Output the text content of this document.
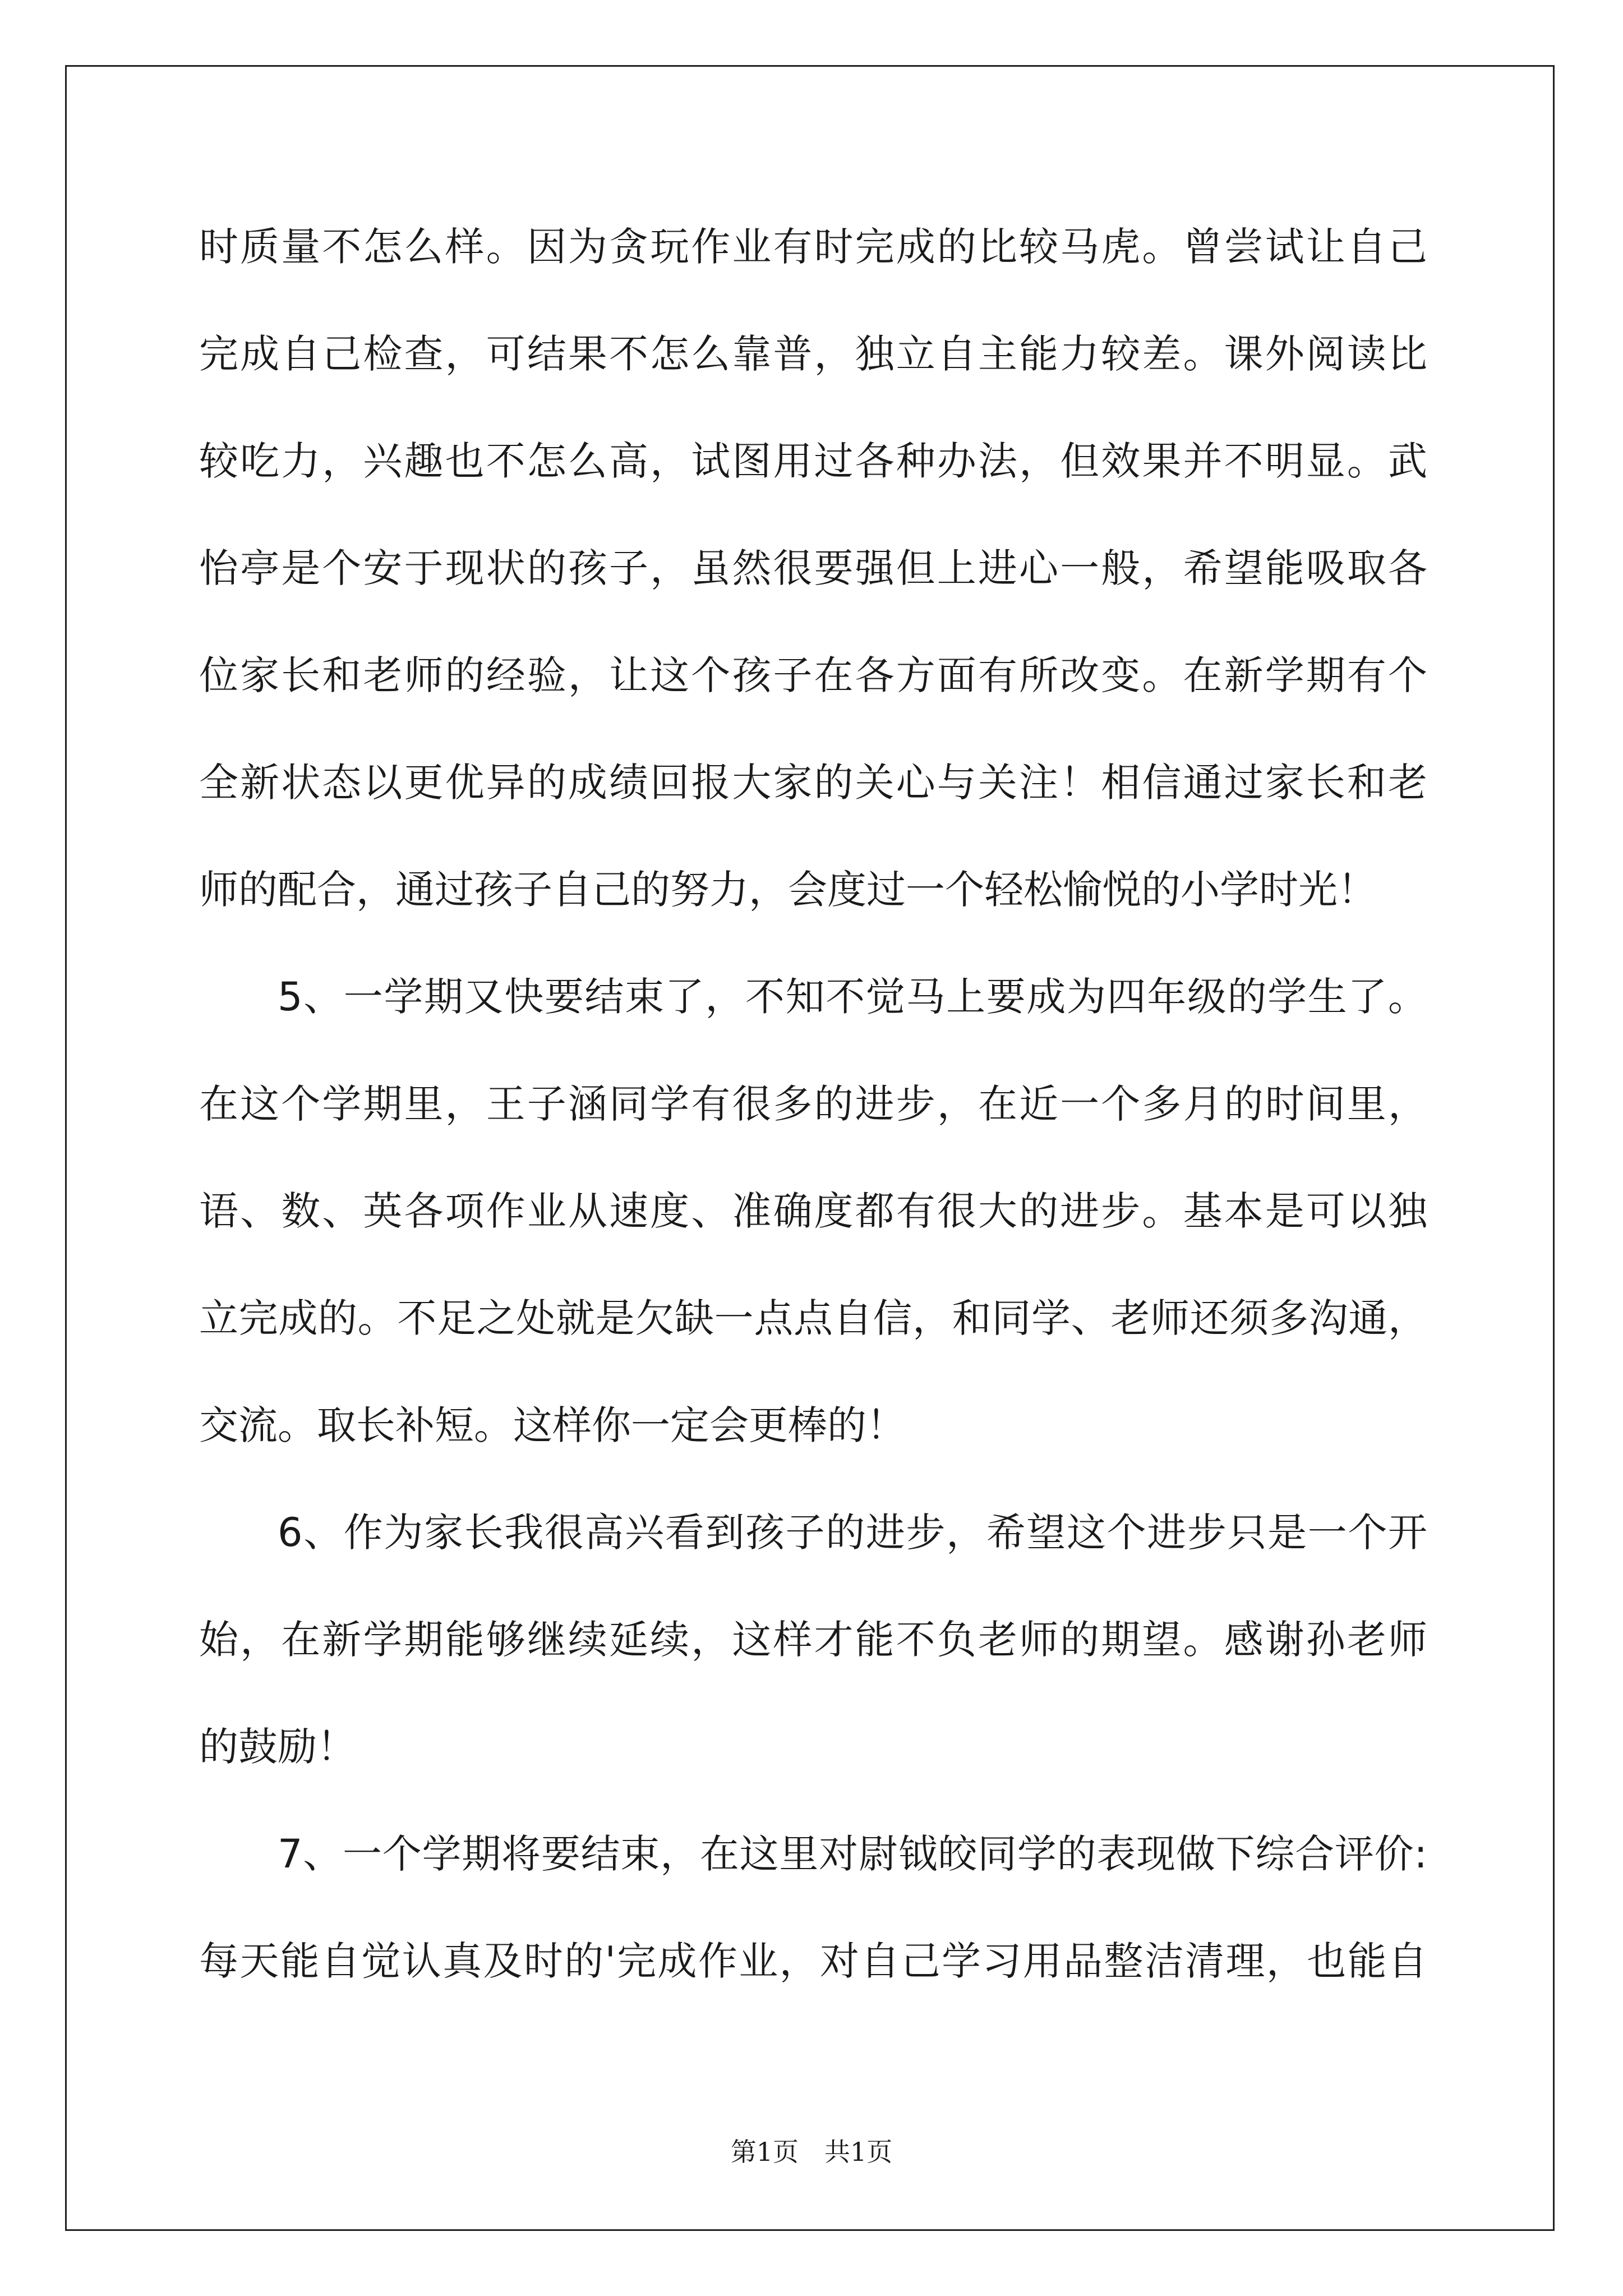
时质量不怎么样。因为贪玩作业有时完成的比较马虎。曾尝试让自己
完成自己检查，可结果不怎么靠普，独立自主能力较差。课外阅读比
较吃力，兴趣也不怎么高，试图用过各种办法，但效果并不明显。武
怡亭是个安于现状的孩子，虽然很要强但上进心一般，希望能吸取各
位家长和老师的经验，让这个孩子在各方面有所改变。在新学期有个
全新状态以更优异的成绩回报大家的关心与关注！相信通过家长和老
师的配合，通过孩子自己的努力，会度过一个轻松愉悦的小学时光！
5、一学期又快要结束了，不知不觉马上要成为四年级的学生了。
在这个学期里，王子涵同学有很多的进步，在近一个多月的时间里，
语、数、英各项作业从速度、准确度都有很大的进步。基本是可以独
立完成的。不足之处就是欠缺一点点自信，和同学、老师还须多沟通，
交流。取长补短。这样你一定会更棒的！
6、作为家长我很高兴看到孩子的进步，希望这个进步只是一个开
始，在新学期能够继续延续，这样才能不负老师的期望。感谢孙老师
的鼓励！
7、一个学期将要结束，在这里对尉钺皎同学的表现做下综合评价:
每天能自觉认真及时的'完成作业，对自己学习用品整洁清理，也能自
第1页　共1页
